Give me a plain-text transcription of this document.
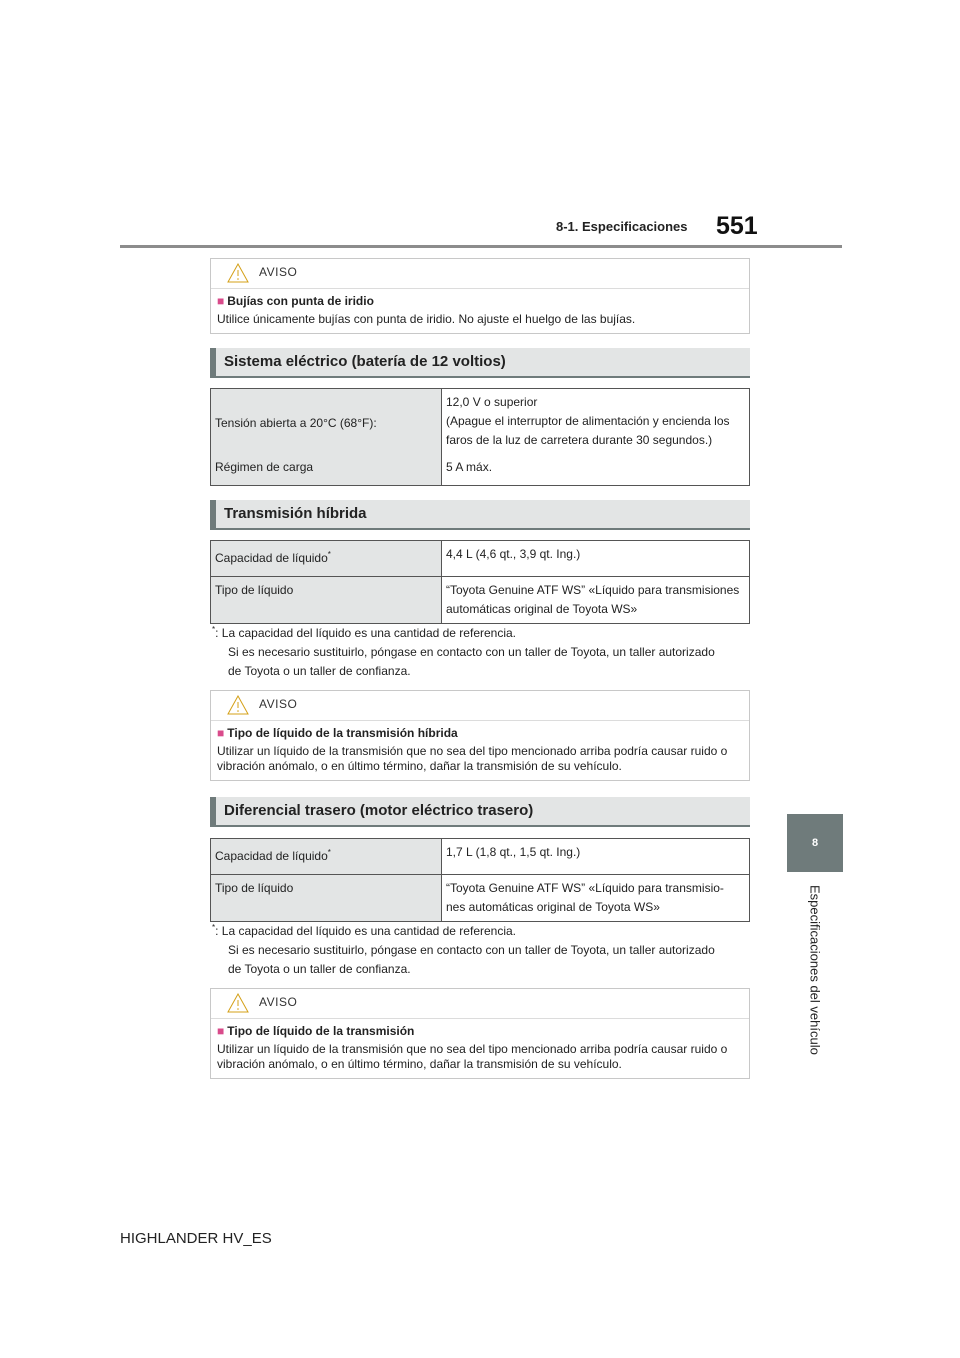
8-1. Especificaciones 551
8
Especificaciones del vehículo
AVISO
■ Bujías con punta de iridio
Utilice únicamente bujías con punta de iridio. No ajuste el huelgo de las bujías.
Sistema eléctrico (batería de 12 voltios)
Tensión abierta a 20°C (68°F):	12,0 V o superior
(Apague el interruptor de alimentación y encienda los
faros de la luz de carretera durante 30 segundos.)

Régimen de carga	5 A máx.
Transmisión híbrida
Capacidad de líquido*	4,4 L (4,6 qt., 3,9 qt. Ing.)
Tipo de líquido	“Toyota Genuine ATF WS” «Líquido para transmisiones
automáticas original de Toyota WS»
*: La capacidad del líquido es una cantidad de referencia.
Si es necesario sustituirlo, póngase en contacto con un taller de Toyota, un taller autorizado
de Toyota o un taller de confianza.
AVISO
■ Tipo de líquido de la transmisión híbrida
Utilizar un líquido de la transmisión que no sea del tipo mencionado arriba podría causar ruido o vibración anómalo, o en último término, dañar la transmisión de su vehículo.
Diferencial trasero (motor eléctrico trasero)
Capacidad de líquido*	1,7 L (1,8 qt., 1,5 qt. Ing.)
Tipo de líquido	“Toyota Genuine ATF WS” «Líquido para transmisio-
nes automáticas original de Toyota WS»
*: La capacidad del líquido es una cantidad de referencia.
Si es necesario sustituirlo, póngase en contacto con un taller de Toyota, un taller autorizado
de Toyota o un taller de confianza.
AVISO
■ Tipo de líquido de la transmisión
Utilizar un líquido de la transmisión que no sea del tipo mencionado arriba podría causar ruido o vibración anómalo, o en último término, dañar la transmisión de su vehículo.
HIGHLANDER HV_ES
